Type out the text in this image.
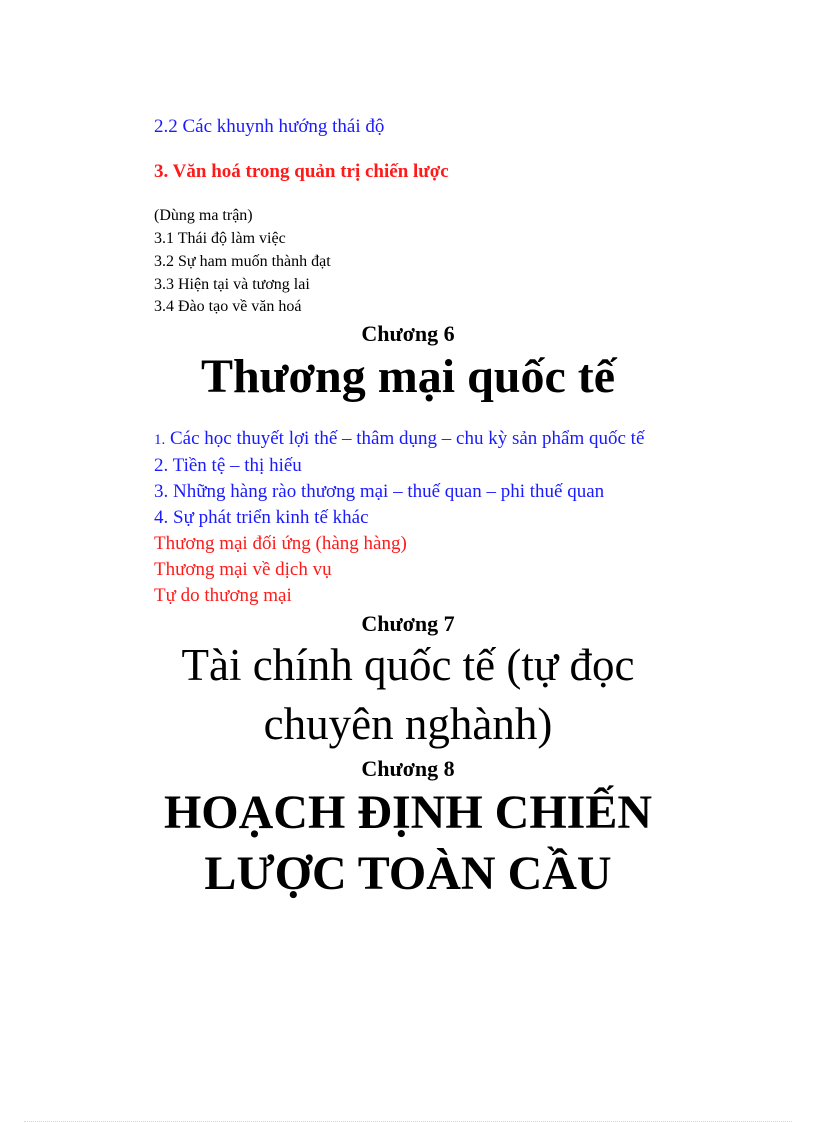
2.2 Các khuynh hướng thái độ
3. Văn hoá trong quản trị chiến lược
(Dùng ma trận)
3.1 Thái độ làm việc
3.2 Sự ham muốn thành đạt
3.3 Hiện tại và tương lai
3.4 Đào tạo về văn hoá
Chương 6
Thương mại quốc tế
1. Các học thuyết lợi thế – thâm dụng – chu kỳ sản phẩm quốc tế
2. Tiền tệ – thị hiếu
3. Những hàng rào thương mại – thuế quan – phi thuế quan
4. Sự phát triển kinh tế khác
Thương mại đối ứng (hàng hàng)
Thương mại về dịch vụ
Tự do thương mại
Chương 7
Tài chính quốc tế (tự đọc
chuyên nghành)
Chương 8
HOẠCH ĐỊNH CHIẾN
LƯỢC TOÀN CẦU
